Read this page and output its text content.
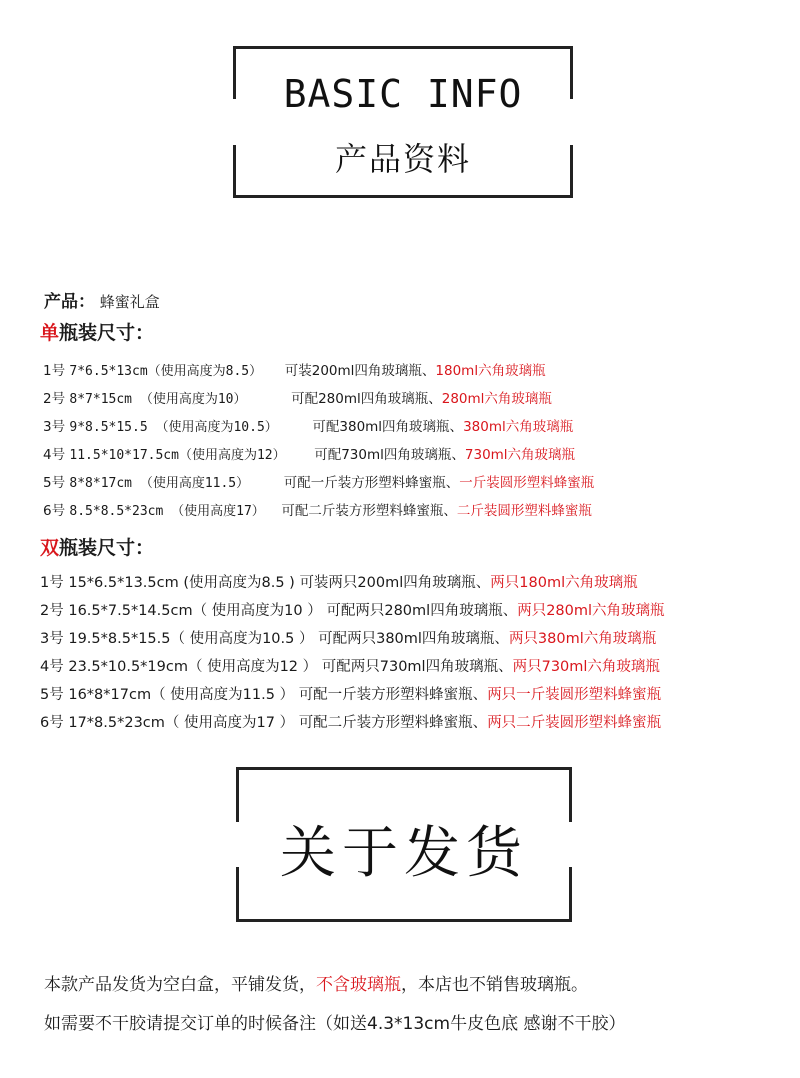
BASIC INFO
产品资料
产品： 蜂蜜礼盒
单瓶装尺寸：
1号 7*6.5*13cm（使用高度为8.5） 可装200ml四角玻璃瓶、180ml六角玻璃瓶
2号 8*7*15cm （使用高度为10）	可配280ml四角玻璃瓶、280ml六角玻璃瓶
3号 9*8.5*15.5 （使用高度为10.5）	可配380ml四角玻璃瓶、380ml六角玻璃瓶
4号 11.5*10*17.5cm（使用高度为12） 可配730ml四角玻璃瓶、730ml六角玻璃瓶
5号 8*8*17cm （使用高度11.5）	可配一斤装方形塑料蜂蜜瓶、一斤装圆形塑料蜂蜜瓶
6号 8.5*8.5*23cm （使用高度17） 可配二斤装方形塑料蜂蜜瓶、二斤装圆形塑料蜂蜜瓶
双瓶装尺寸：
1号 15*6.5*13.5cm (使用高度为8.5 ) 可装两只200ml四角玻璃瓶、两只180ml六角玻璃瓶
2号 16.5*7.5*14.5cm（ 使用高度为10 ） 可配两只280ml四角玻璃瓶、两只280ml六角玻璃瓶
3号 19.5*8.5*15.5（ 使用高度为10.5 ） 可配两只380ml四角玻璃瓶、两只380ml六角玻璃瓶
4号 23.5*10.5*19cm（ 使用高度为12 ） 可配两只730ml四角玻璃瓶、两只730ml六角玻璃瓶
5号 16*8*17cm（ 使用高度为11.5 ） 可配一斤装方形塑料蜂蜜瓶、两只一斤装圆形塑料蜂蜜瓶
6号 17*8.5*23cm（ 使用高度为17 ） 可配二斤装方形塑料蜂蜜瓶、两只二斤装圆形塑料蜂蜜瓶
关于发货
本款产品发货为空白盒，平铺发货，不含玻璃瓶，本店也不销售玻璃瓶。
如需要不干胶请提交订单的时候备注（如送4.3*13cm牛皮色底 感谢不干胶）
